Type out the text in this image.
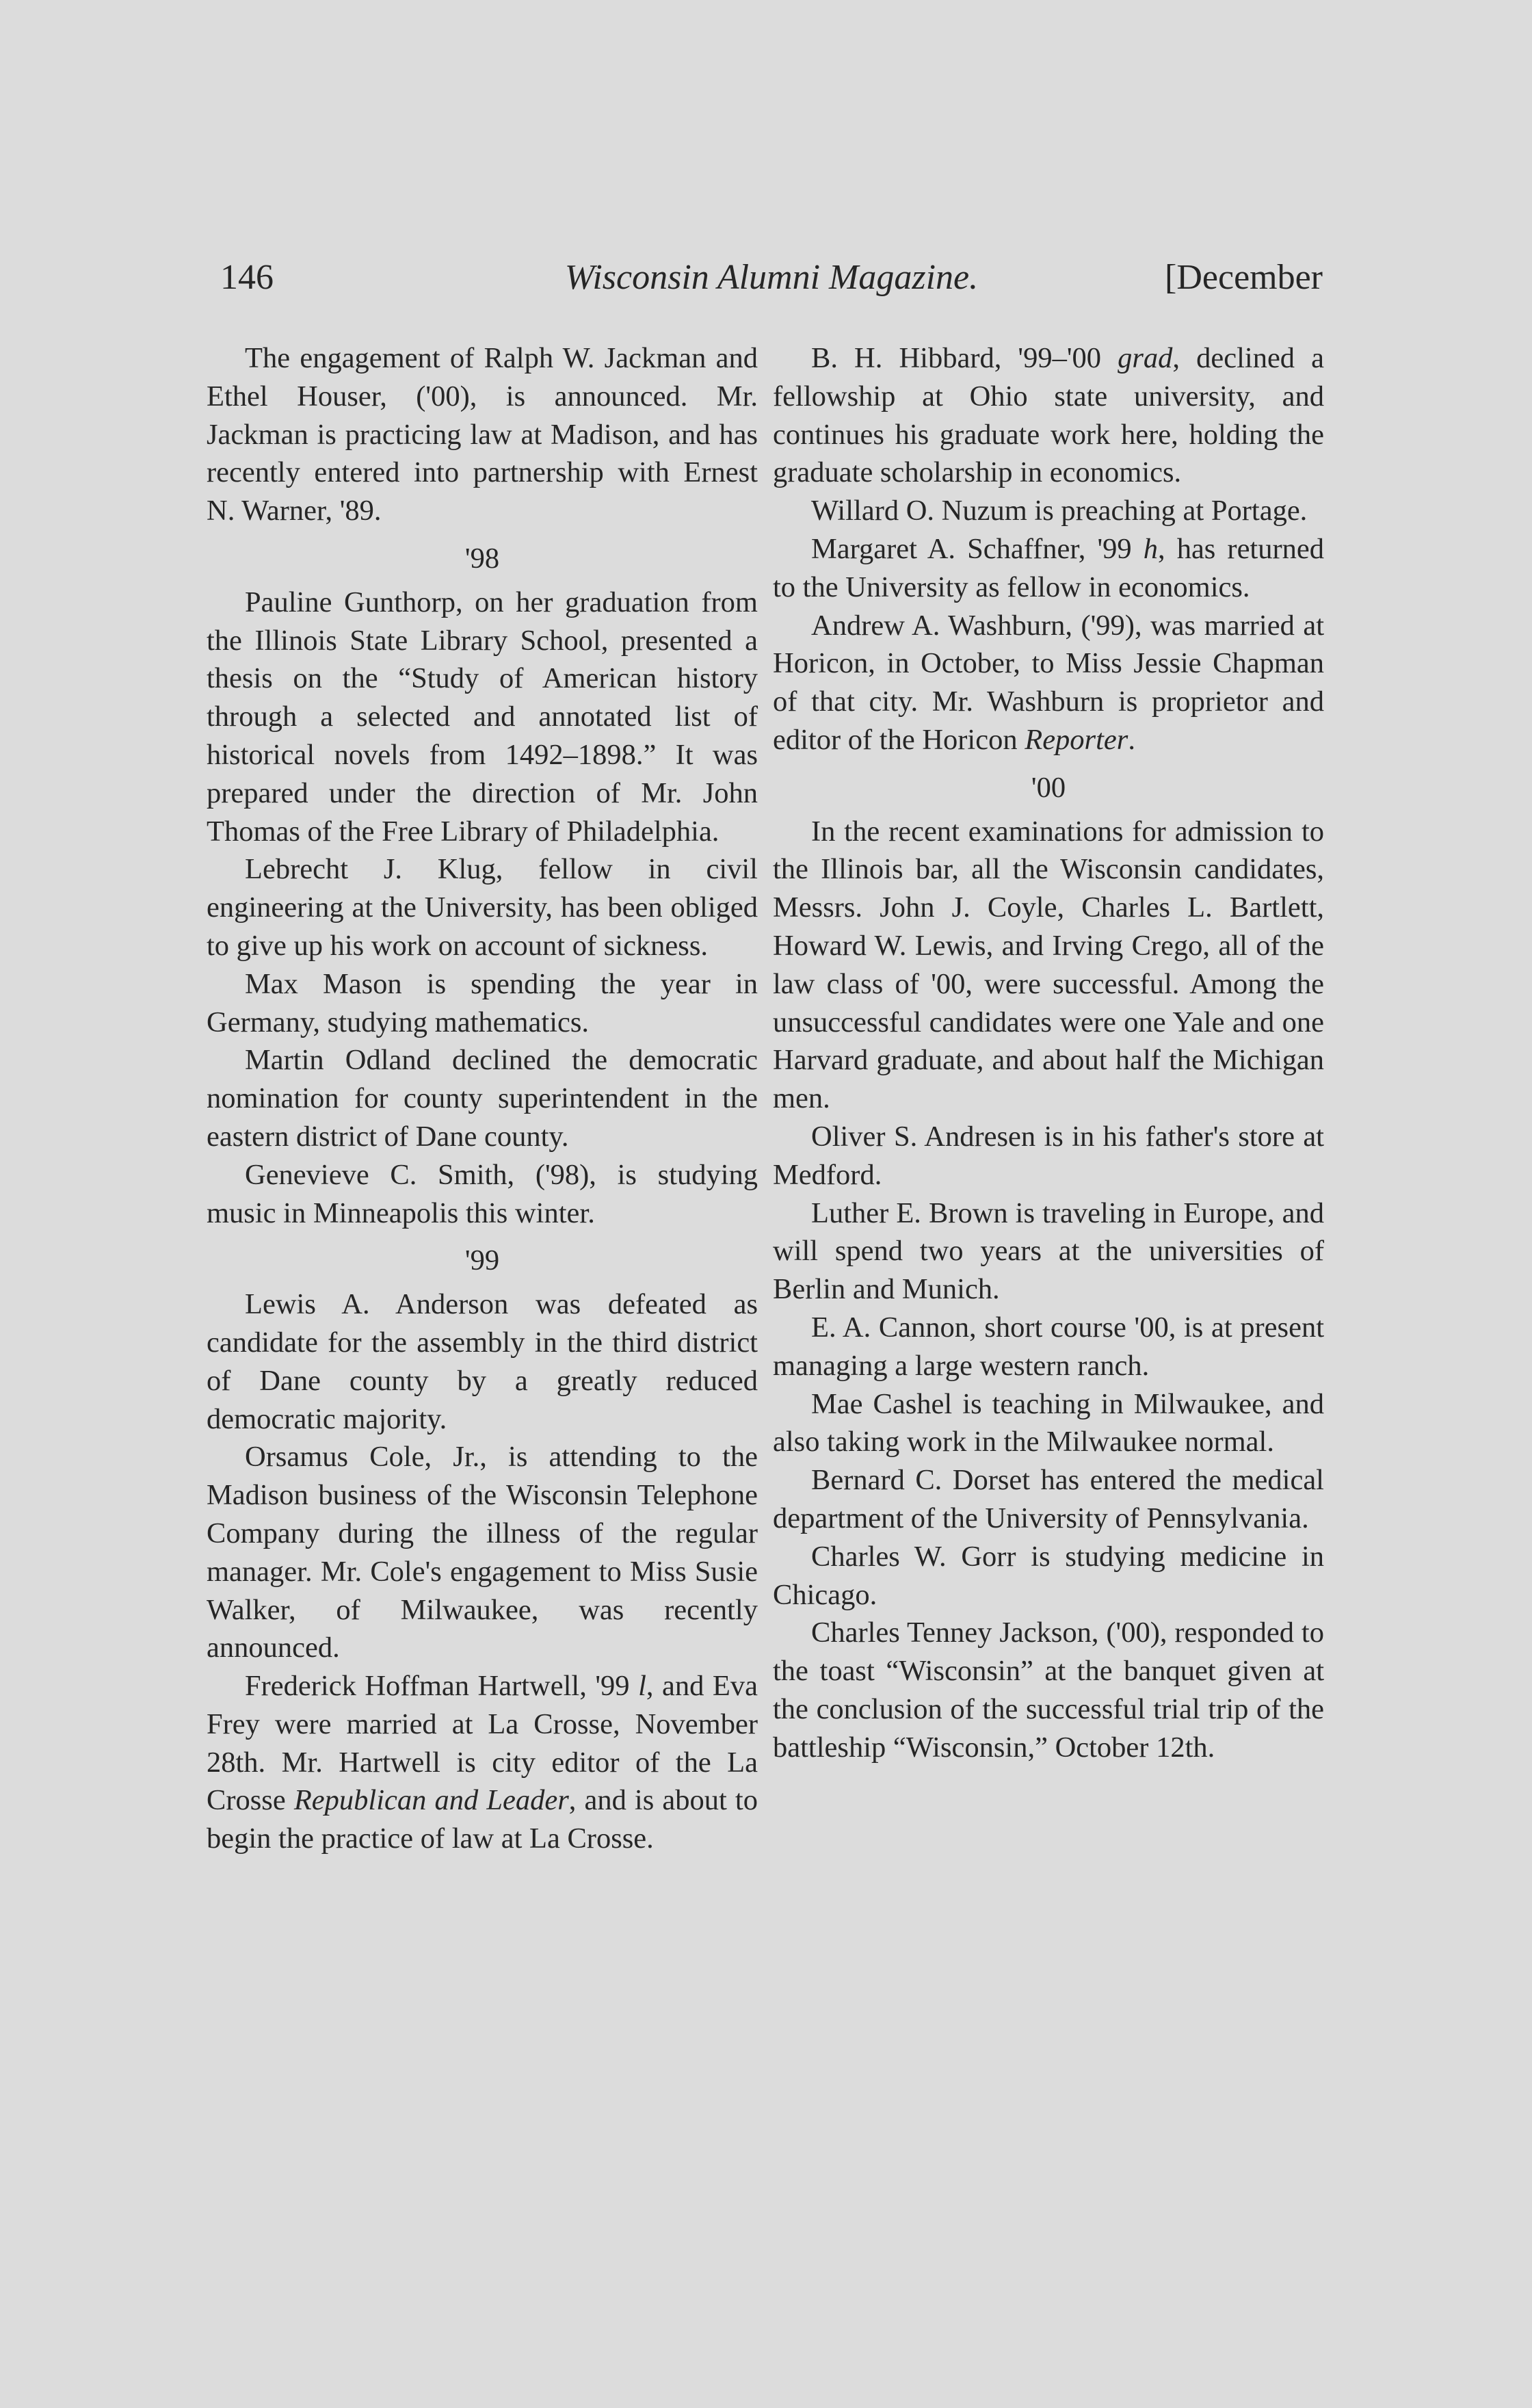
146	Wisconsin Alumni Magazine.	[December

The engagement of Ralph W. Jackman and Ethel Houser, ('00), is announced. Mr. Jackman is practicing law at Madison, and has recently entered into partnership with Ernest N. Warner, '89.

'98

Pauline Gunthorp, on her graduation from the Illinois State Library School, presented a thesis on the “Study of American history through a selected and annotated list of historical novels from 1492–1898.” It was prepared under the direction of Mr. John Thomas of the Free Library of Philadelphia.

Lebrecht J. Klug, fellow in civil engineering at the University, has been obliged to give up his work on account of sickness.

Max Mason is spending the year in Germany, studying mathematics.

Martin Odland declined the democratic nomination for county superintendent in the eastern district of Dane county.

Genevieve C. Smith, ('98), is studying music in Minneapolis this winter.

'99

Lewis A. Anderson was defeated as candidate for the assembly in the third district of Dane county by a greatly reduced democratic majority.

Orsamus Cole, Jr., is attending to the Madison business of the Wisconsin Telephone Company during the illness of the regular manager. Mr. Cole's engagement to Miss Susie Walker, of Milwaukee, was recently announced.

Frederick Hoffman Hartwell, '99 l, and Eva Frey were married at La Crosse, November 28th. Mr. Hartwell is city editor of the La Crosse Republican and Leader, and is about to begin the practice of law at La Crosse.

B. H. Hibbard, '99–'00 grad, declined a fellowship at Ohio state university, and continues his graduate work here, holding the graduate scholarship in economics.

Willard O. Nuzum is preaching at Portage.

Margaret A. Schaffner, '99 h, has returned to the University as fellow in economics.

Andrew A. Washburn, ('99), was married at Horicon, in October, to Miss Jessie Chapman of that city. Mr. Washburn is proprietor and editor of the Horicon Reporter.

'00

In the recent examinations for admission to the Illinois bar, all the Wisconsin candidates, Messrs. John J. Coyle, Charles L. Bartlett, Howard W. Lewis, and Irving Crego, all of the law class of '00, were successful. Among the unsuccessful candidates were one Yale and one Harvard graduate, and about half the Michigan men.

Oliver S. Andresen is in his father's store at Medford.

Luther E. Brown is traveling in Europe, and will spend two years at the universities of Berlin and Munich.

E. A. Cannon, short course '00, is at present managing a large western ranch.

Mae Cashel is teaching in Milwaukee, and also taking work in the Milwaukee normal.

Bernard C. Dorset has entered the medical department of the University of Pennsylvania.

Charles W. Gorr is studying medicine in Chicago.

Charles Tenney Jackson, ('00), responded to the toast “Wisconsin” at the banquet given at the conclusion of the successful trial trip of the battleship “Wisconsin,” October 12th.
